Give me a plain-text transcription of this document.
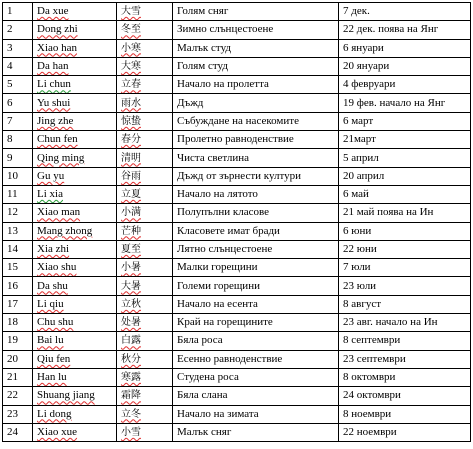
1	Da xue	大雪	Голям сняг	7 дек.
2	Dong zhi	冬至	Зимно слънцестоене	22 дек. поява на Янг
3	Xiao han	小寒	Малък студ	6 януари
4	Da han	大寒	Голям студ	20 януари
5	Li chun	立春	Начало на пролетта	4 февруари
6	Yu shui	雨水	Дъжд	19 фев. начало на Янг
7	Jing zhe	惊蛰	Събуждане на насекомите	6 март
8	Chun fen	春分	Пролетно равноденствие	21март
9	Qing ming	清明	Чиста светлина	5 април
10	Gu yu	谷雨	Дъжд от зърнести култури	20 април
11	Li xia	立夏	Начало на лятото	6 май
12	Xiao man	小满	Полупълни класове	21 май поява на Ин
13	Mang zhong	芒种	Класовете имат бради	6 юни
14	Xia zhi	夏至	Лятно слънцестоене	22 юни
15	Xiao shu	小暑	Малки горещини	7 юли
16	Da shu	大暑	Големи горещини	23 юли
17	Li qiu	立秋	Начало на есента	8 август
18	Chu shu	处暑	Край на горещините	23 авг. начало на Ин
19	Bai lu	白露	Бяла роса	8 септември
20	Qiu fen	秋分	Есенно равноденствие	23 септември
21	Han lu	寒露	Студена роса	8 октомври
22	Shuang jiang	霜降	Бяла слана	24 октомври
23	Li dong	立冬	Начало на зимата	8 ноември
24	Xiao xue	小雪	Малък сняг	22 ноември
